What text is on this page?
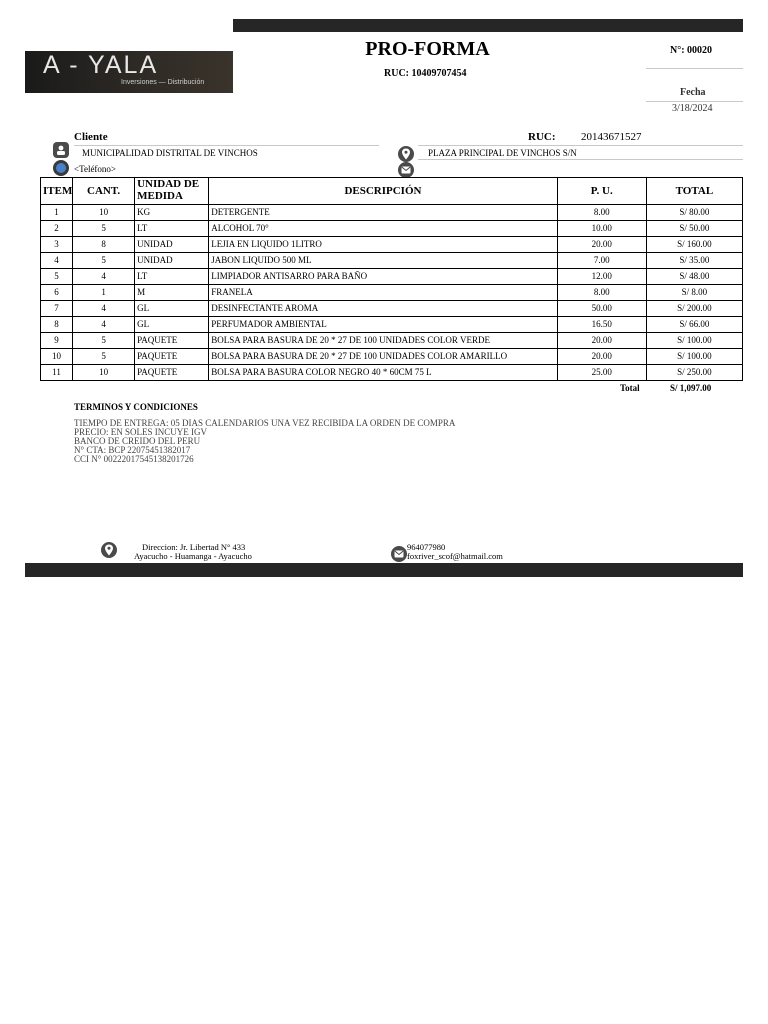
A - YALA
Inversiones — Distribución
PRO-FORMA
RUC: 10409707454
N°: 00020
Fecha
3/18/2024
Cliente	RUC: 20143671527
MUNICIPALIDAD DISTRITAL DE VINCHOS	PLAZA PRINCIPAL DE VINCHOS S/N
<Teléfono>
ITEM	CANT.	UNIDAD DE MEDIDA	DESCRIPCIÓN	P. U.	TOTAL
1	10	KG	DETERGENTE	8.00	S/ 80.00
2	5	LT	ALCOHOL 70°	10.00	S/ 50.00
3	8	UNIDAD	LEJIA EN LIQUIDO 1LITRO	20.00	S/ 160.00
4	5	UNIDAD	JABON LIQUIDO 500 ML	7.00	S/ 35.00
5	4	LT	LIMPIADOR ANTISARRO PARA BAÑO	12.00	S/ 48.00
6	1	M	FRANELA	8.00	S/ 8.00
7	4	GL	DESINFECTANTE AROMA	50.00	S/ 200.00
8	4	GL	PERFUMADOR AMBIENTAL	16.50	S/ 66.00
9	5	PAQUETE	BOLSA PARA BASURA DE 20 * 27 DE 100 UNIDADES COLOR VERDE	20.00	S/ 100.00
10	5	PAQUETE	BOLSA PARA BASURA DE 20 * 27 DE 100 UNIDADES COLOR AMARILLO	20.00	S/ 100.00
11	10	PAQUETE	BOLSA PARA BASURA COLOR NEGRO 40 * 60CM 75 L	25.00	S/ 250.00
Total	S/ 1,097.00
TERMINOS Y CONDICIONES
TIEMPO DE ENTREGA: 05 DIAS CALENDARIOS UNA VEZ RECIBIDA LA ORDEN DE COMPRA
PRECIO: EN SOLES INCUYE IGV
BANCO DE CREIDO DEL PERU
N° CTA: BCP 22075451382017
CCI N° 00222017545138201726
Direccion: Jr. Libertad N° 433
Ayacucho - Huamanga - Ayacucho
964077980
foxriver_scof@hatmail.com
